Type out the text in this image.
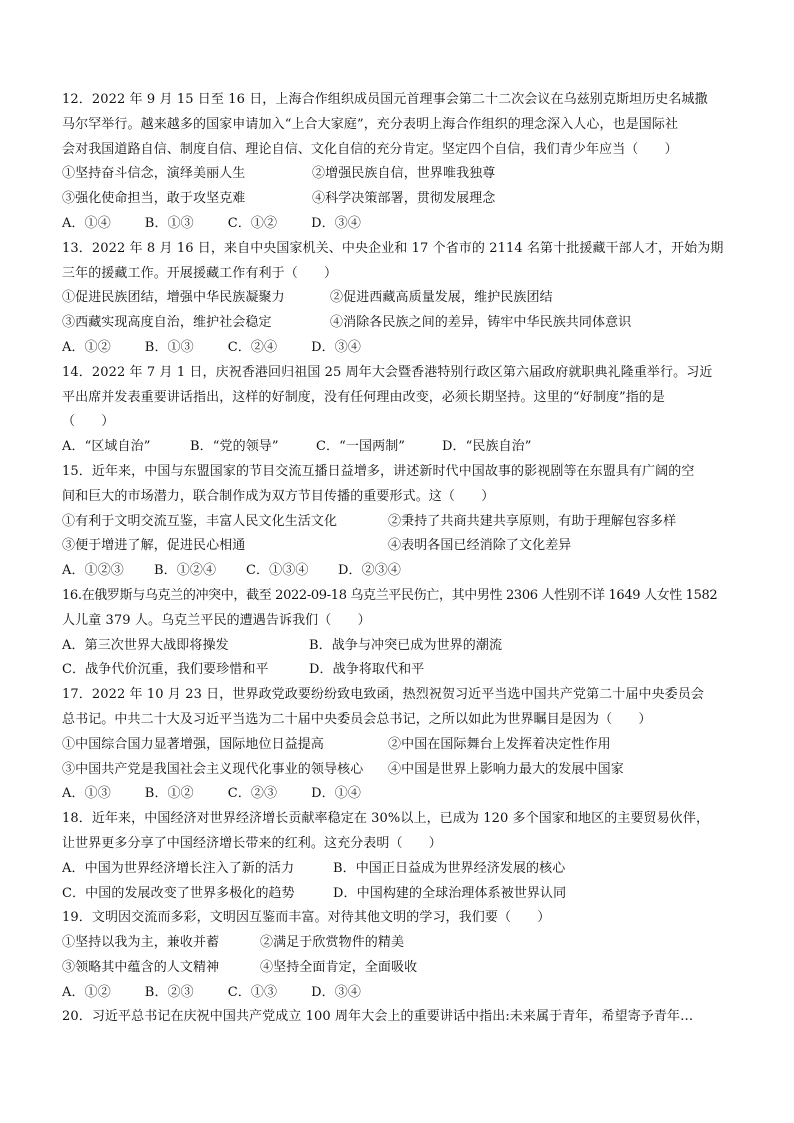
12．2022 年 9 月 15 日至 16 日，上海合作组织成员国元首理事会第二十二次会议在乌兹别克斯坦历史名城撒
马尔罕举行。越来越多的国家申请加入“上合大家庭”，充分表明上海合作组织的理念深入人心，也是国际社
会对我国道路自信、制度自信、理论自信、文化自信的充分肯定。坚定四个自信，我们青少年应当（　　）
①坚持奋斗信念，演绎美丽人生	②增强民族自信，世界唯我独尊
③强化使命担当，敢于攻坚克难	④科学决策部署，贯彻发展理念
A．①④	B．①③	C．①②	D．③④
13．2022 年 8 月 16 日，来自中央国家机关、中央企业和 17 个省市的 2114 名第十批援藏干部人才，开始为期
三年的援藏工作。开展援藏工作有利于（　　）
①促进民族团结，增强中华民族凝聚力	②促进西藏高质量发展，维护民族团结
③西藏实现高度自治，维护社会稳定	④消除各民族之间的差异，铸牢中华民族共同体意识
A．①②	B．①③	C．②④	D．③④
14．2022 年 7 月 1 日，庆祝香港回归祖国 25 周年大会暨香港特别行政区第六届政府就职典礼隆重举行。习近
平出席并发表重要讲话指出，这样的好制度，没有任何理由改变，必须长期坚持。这里的“好制度”指的是
（　　）
A．“区域自治”	B．“党的领导”	C．“一国两制”	D．“民族自治”
15．近年来，中国与东盟国家的节目交流互播日益增多，讲述新时代中国故事的影视剧等在东盟具有广阔的空
间和巨大的市场潜力，联合制作成为双方节目传播的重要形式。这（　　）
①有利于文明交流互鉴，丰富人民文化生活文化	②秉持了共商共建共享原则，有助于理解包容多样
③便于增进了解，促进民心相通	④表明各国已经消除了文化差异
A．①②③	B．①②④	C．①③④	D．②③④
16.在俄罗斯与乌克兰的冲突中，截至 2022-09-18 乌克兰平民伤亡，其中男性 2306 人性别不详 1649 人女性 1582
人儿童 379 人。乌克兰平民的遭遇告诉我们（　　）
A．第三次世界大战即将操发	B．战争与冲突已成为世界的潮流
C．战争代价沉重，我们要珍惜和平	D．战争将取代和平
17．2022 年 10 月 23 日，世界政党政要纷纷致电致函，热烈祝贺习近平当选中国共产党第二十届中央委员会
总书记。中共二十大及习近平当选为二十届中央委员会总书记，之所以如此为世界瞩目是因为（　　）
①中国综合国力显著增强，国际地位日益提高	②中国在国际舞台上发挥着决定性作用
③中国共产党是我国社会主义现代化事业的领导核心	④中国是世界上影响力最大的发展中国家
A．①③	B．①②	C．②③	D．①④
18．近年来，中国经济对世界经济增长贡献率稳定在 30%以上，已成为 120 多个国家和地区的主要贸易伙伴，
让世界更多分享了中国经济增长带来的红利。这充分表明（　　）
A．中国为世界经济增长注入了新的活力	B．中国正日益成为世界经济发展的核心
C．中国的发展改变了世界多极化的趋势	D．中国构建的全球治理体系被世界认同
19．文明因交流而多彩，文明因互鉴而丰富。对待其他文明的学习，我们要（　　）
①坚持以我为主，兼收并蓄	②满足于欣赏物件的精美
③领略其中蕴含的人文精神	④坚持全面肯定，全面吸收
A．①②	B．②③	C．①③	D．③④
20．习近平总书记在庆祝中国共产党成立 100 周年大会上的重要讲话中指出:未来属于青年，希望寄予青年…
